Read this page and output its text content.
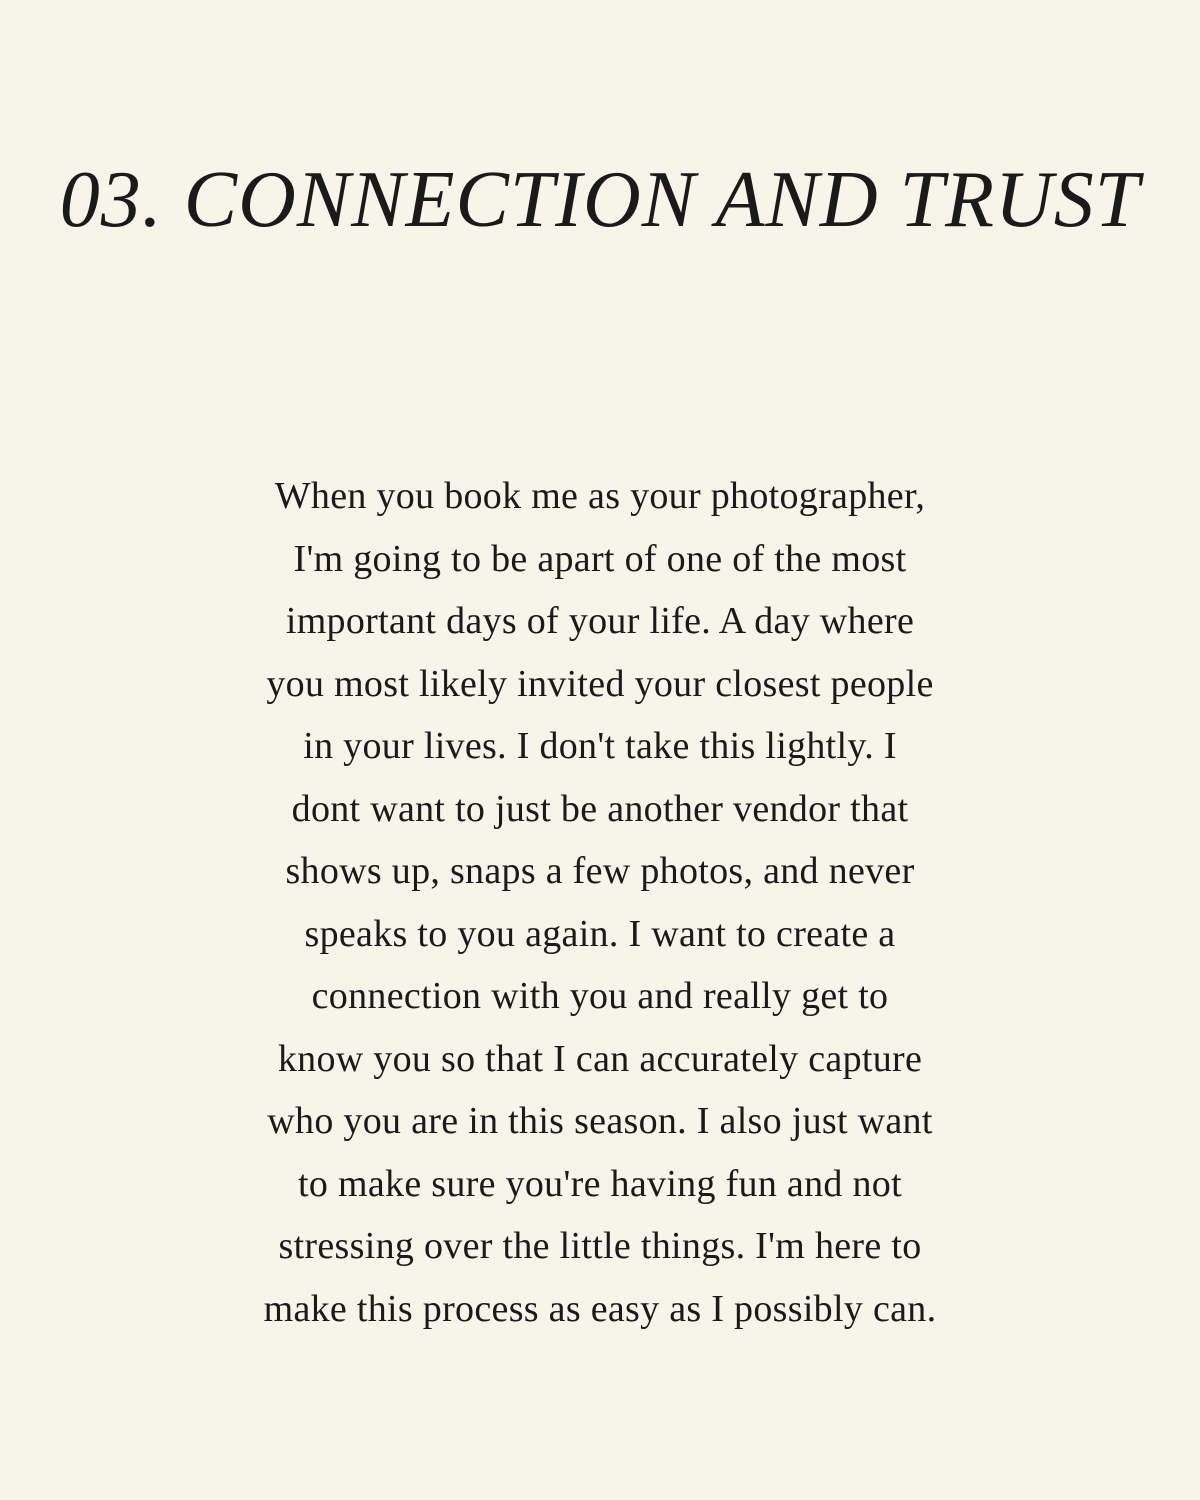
03. CONNECTION AND TRUST
When you book me as your photographer,
I'm going to be apart of one of the most
important days of your life. A day where
you most likely invited your closest people
in your lives. I don't take this lightly. I
dont want to just be another vendor that
shows up, snaps a few photos, and never
speaks to you again. I want to create a
connection with you and really get to
know you so that I can accurately capture
who you are in this season. I also just want
to make sure you're having fun and not
stressing over the little things. I'm here to
make this process as easy as I possibly can.
